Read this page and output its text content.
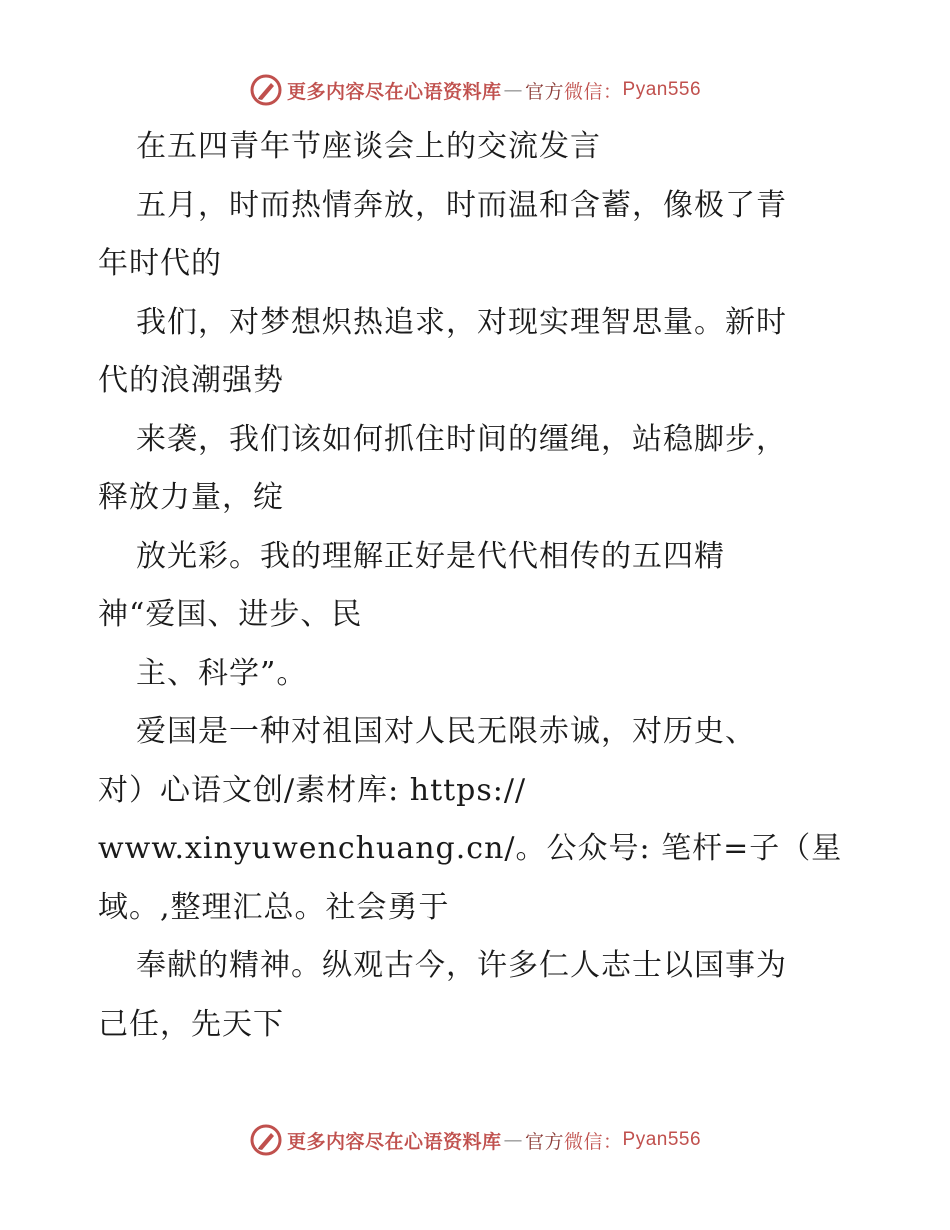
更多内容尽在心语资料库 — 官方 微信： Pyan556
在五四青年节座谈会上的交流发言
五月，时而热情奔放，时而温和含蓄，像极了青
年时代的
我们，对梦想炽热追求，对现实理智思量。新时
代的浪潮强势
来袭，我们该如何抓住时间的缰绳，站稳脚步，
释放力量，绽
放光彩。我的理解正好是代代相传的五四精
神“爱国、进步、民
主、科学”。
爱国是一种对祖国对人民无限赤诚，对历史、
对）心语文创/素材库: https://
www.xinyuwenchuang.cn/。公众号: 笔杆=子（星
域。,整理汇总。社会勇于
奉献的精神。纵观古今，许多仁人志士以国事为
己任，先天下
更多内容尽在心语资料库 — 官方 微信： Pyan556
